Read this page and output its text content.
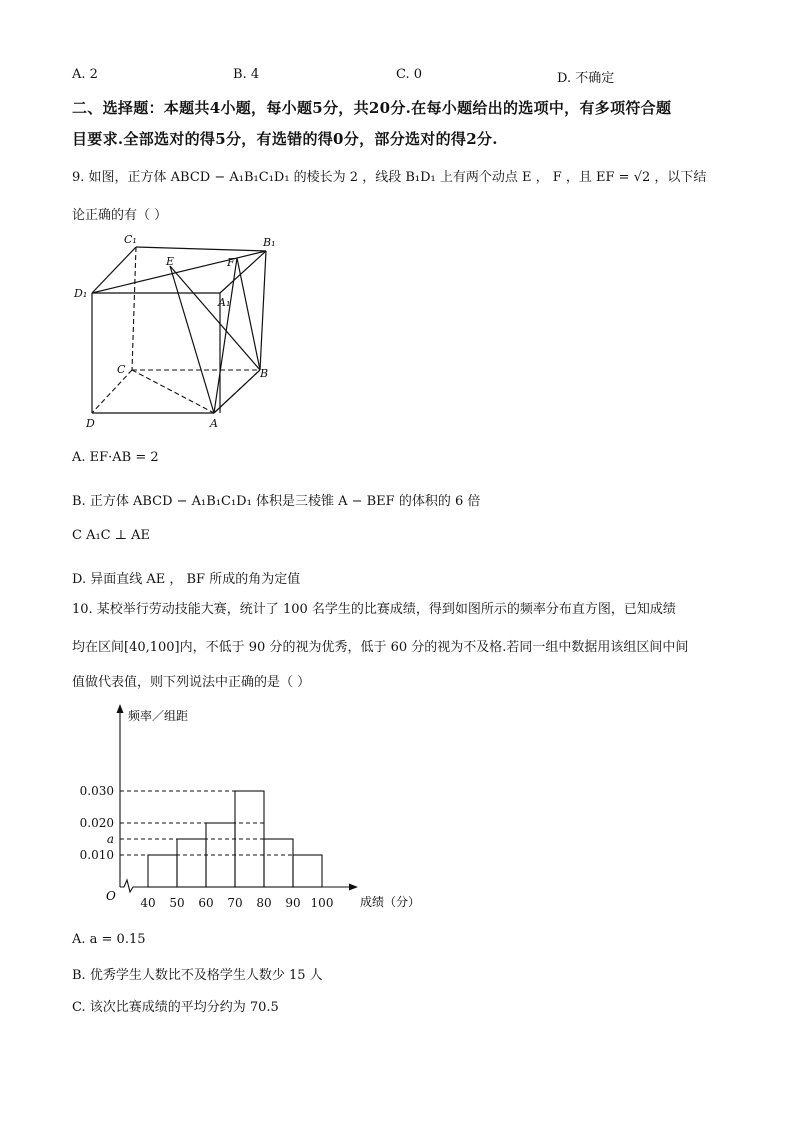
A. 2	B. 4	C. 0	D. 不确定
二、选择题：本题共4小题，每小题5分，共20分.在每小题给出的选项中，有多项符合题
目要求.全部选对的得5分，有选错的得0分，部分选对的得2分.
9. 如图，正方体 ABCD − A₁B₁C₁D₁ 的棱长为 2 ，线段 B₁D₁ 上有两个动点 E ， F ，且 EF = √2 ，以下结
论正确的有（ ）
C₁	B₁
E	F
D₁
A₁
C	B
D	A
A. EF·AB = 2
B. 正方体 ABCD − A₁B₁C₁D₁ 体积是三棱锥 A − BEF 的体积的 6 倍
C A₁C ⊥ AE
D. 异面直线 AE ， BF 所成的角为定值
10. 某校举行劳动技能大赛，统计了 100 名学生的比赛成绩，得到如图所示的频率分布直方图，已知成绩
均在区间[40,100]内，不低于 90 分的视为优秀，低于 60 分的视为不及格.若同一组中数据用该组区间中间
值做代表值，则下列说法中正确的是（ ）
0.010
a
0.020
0.030
40 50 60 70 80 90 100
频率／组距
成绩（分）
O
A. a = 0.15
B. 优秀学生人数比不及格学生人数少 15 人
C. 该次比赛成绩的平均分约为 70.5
